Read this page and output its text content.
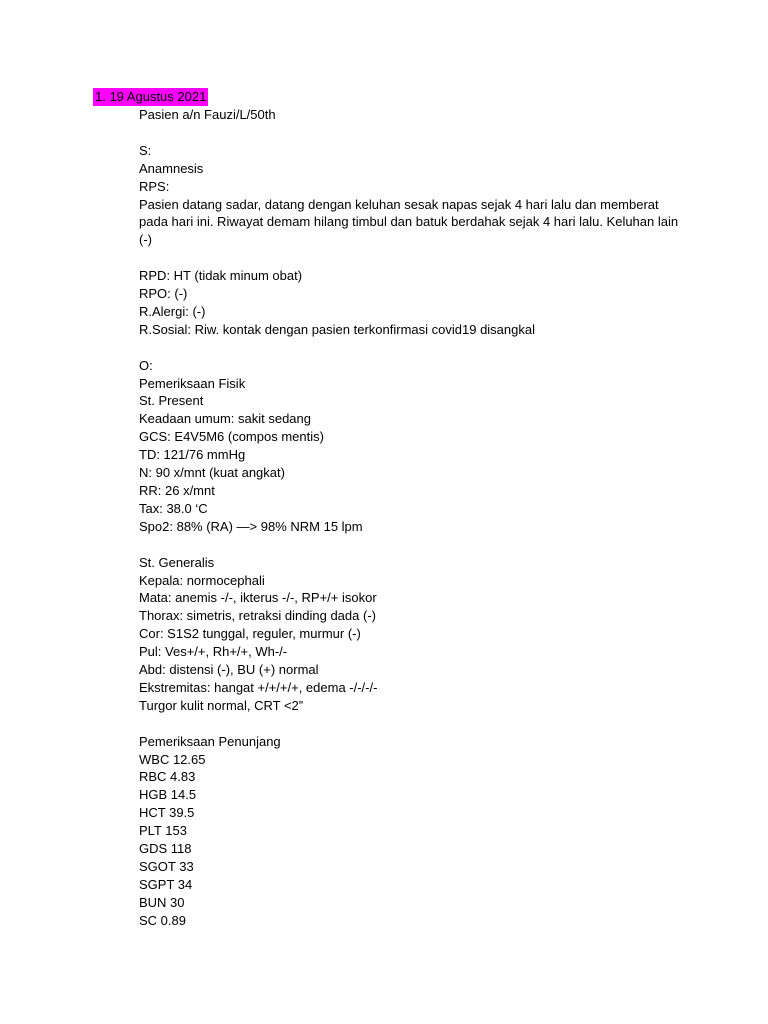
1. 19 Agustus 2021
Pasien a/n Fauzi/L/50th
S:
Anamnesis
RPS:
Pasien datang sadar, datang dengan keluhan sesak napas sejak 4 hari lalu dan memberat pada hari ini. Riwayat demam hilang timbul dan batuk berdahak sejak 4 hari lalu. Keluhan lain (-)
RPD: HT (tidak minum obat)
RPO: (-)
R.Alergi: (-)
R.Sosial: Riw. kontak dengan pasien terkonfirmasi covid19 disangkal
O:
Pemeriksaan Fisik
St. Present
Keadaan umum: sakit sedang
GCS: E4V5M6 (compos mentis)
TD: 121/76 mmHg
N: 90 x/mnt (kuat angkat)
RR: 26 x/mnt
Tax: 38.0 ‘C
Spo2: 88% (RA) —> 98% NRM 15 lpm
St. Generalis
Kepala: normocephali
Mata: anemis -/-, ikterus -/-, RP+/+ isokor
Thorax: simetris, retraksi dinding dada (-)
Cor: S1S2 tunggal, reguler, murmur (-)
Pul: Ves+/+, Rh+/+, Wh-/-
Abd: distensi (-), BU (+) normal
Ekstremitas: hangat +/+/+/+, edema -/-/-/-
Turgor kulit normal, CRT <2”
Pemeriksaan Penunjang
WBC 12.65
RBC 4.83
HGB 14.5
HCT 39.5
PLT 153
GDS 118
SGOT 33
SGPT 34
BUN 30
SC 0.89
